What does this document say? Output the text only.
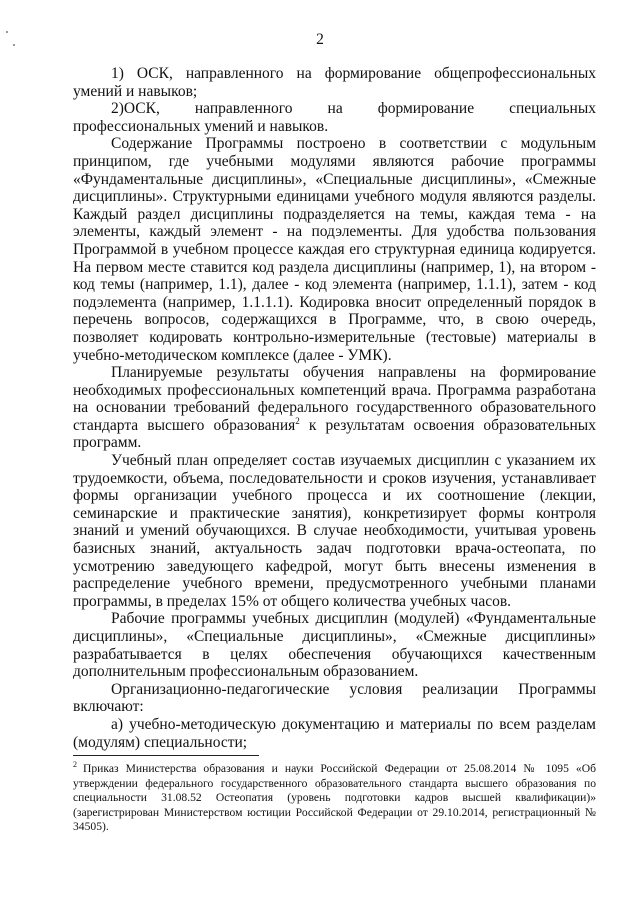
2

1) ОСК, направленного на формирование общепрофессиональных умений и навыков;

2)ОСК, направленного на формирование специальных профессиональных умений и навыков.

Содержание Программы построено в соответствии с модульным принципом, где учебными модулями являются рабочие программы «Фундаментальные дисциплины», «Специальные дисциплины», «Смежные дисциплины». Структурными единицами учебного модуля являются разделы. Каждый раздел дисциплины подразделяется на темы, каждая тема - на элементы, каждый элемент - на подэлементы. Для удобства пользования Программой в учебном процессе каждая его структурная единица кодируется. На первом месте ставится код раздела дисциплины (например, 1), на втором - код темы (например, 1.1), далее - код элемента (например, 1.1.1), затем - код подэлемента (например, 1.1.1.1). Кодировка вносит определенный порядок в перечень вопросов, содержащихся в Программе, что, в свою очередь, позволяет кодировать контрольно-измерительные (тестовые) материалы в учебно-методическом комплексе (далее - УМК).

Планируемые результаты обучения направлены на формирование необходимых профессиональных компетенций врача. Программа разработана на основании требований федерального государственного образовательного стандарта высшего образования$^2$ к результатам освоения образовательных программ.

Учебный план определяет состав изучаемых дисциплин с указанием их трудоемкости, объема, последовательности и сроков изучения, устанавливает формы организации учебного процесса и их соотношение (лекции, семинарские и практические занятия), конкретизирует формы контроля знаний и умений обучающихся. В случае необходимости, учитывая уровень базисных знаний, актуальность задач подготовки врача-остеопата, по усмотрению заведующего кафедрой, могут быть внесены изменения в распределение учебного времени, предусмотренного учебными планами программы, в пределах 15% от общего количества учебных часов.

Рабочие программы учебных дисциплин (модулей) «Фундаментальные дисциплины», «Специальные дисциплины», «Смежные дисциплины» разрабатывается в целях обеспечения обучающихся качественным дополнительным профессиональным образованием.

Организационно-педагогические условия реализации Программы включают:

а) учебно-методическую документацию и материалы по всем разделам (модулям) специальности;

$^2$ Приказ Министерства образования и науки Российской Федерации от 25.08.2014 № 1095 «Об утверждении федерального государственного образовательного стандарта высшего образования по специальности 31.08.52 Остеопатия (уровень подготовки кадров высшей квалификации)» (зарегистрирован Министерством юстиции Российской Федерации от 29.10.2014, регистрационный № 34505).
